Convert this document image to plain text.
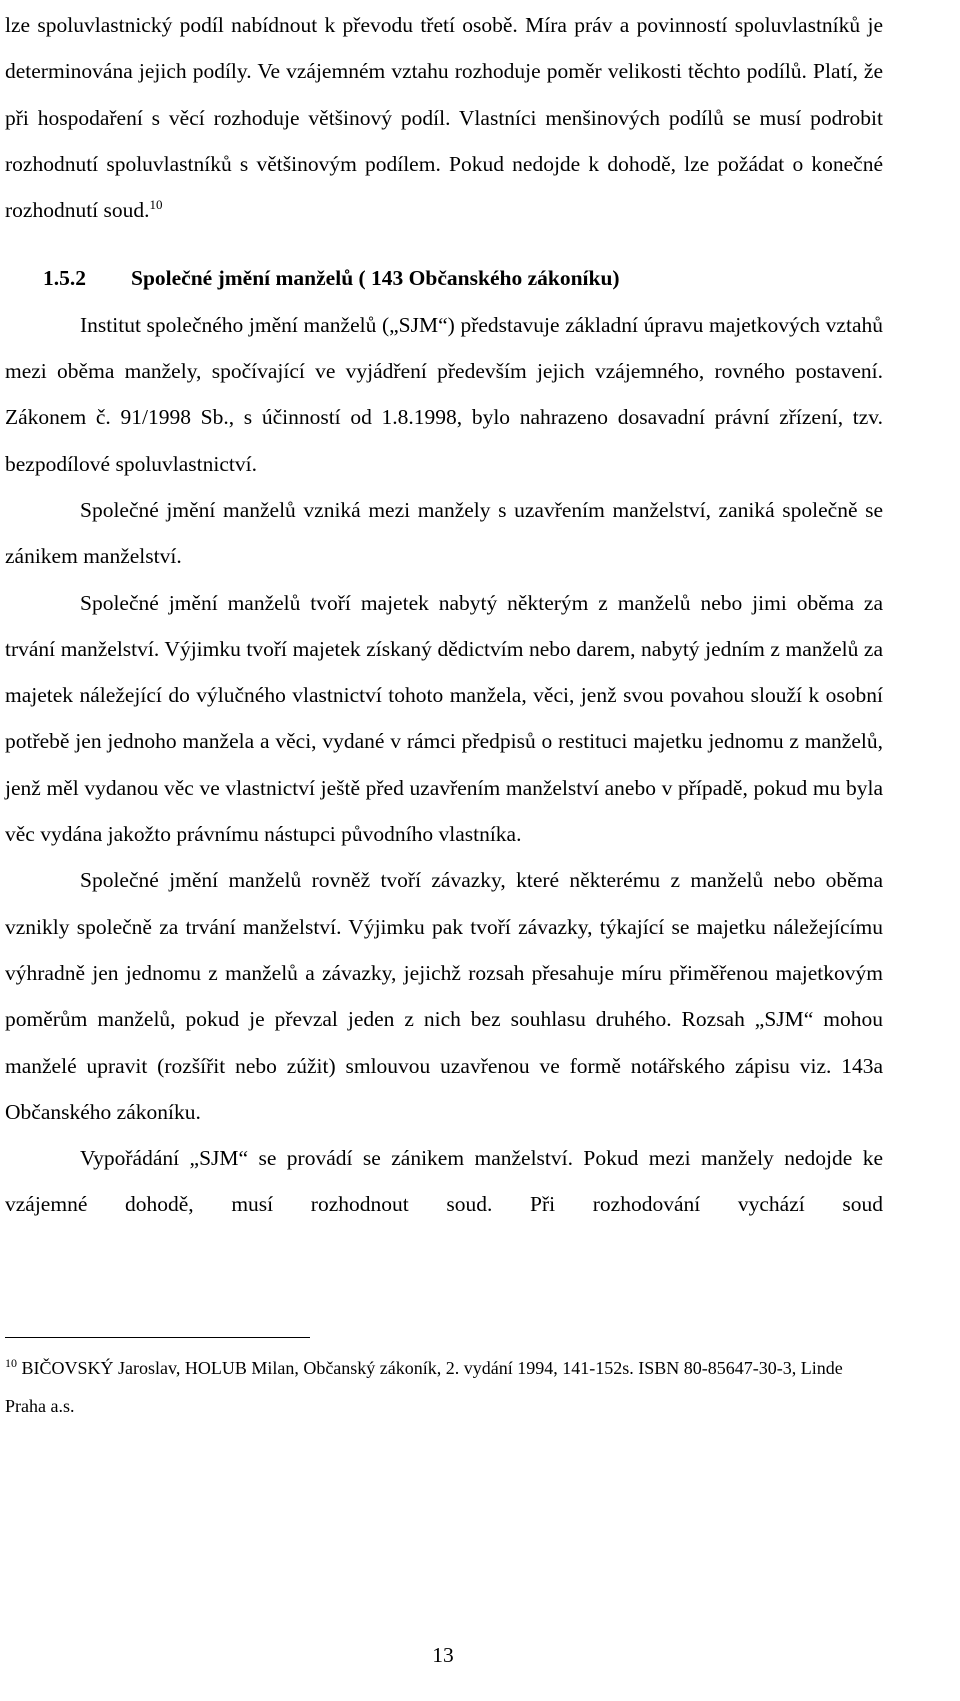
lze spoluvlastnický podíl nabídnout k převodu třetí osobě. Míra práv a povinností spoluvlastníků je determinována jejich podíly. Ve vzájemném vztahu rozhoduje poměr velikosti těchto podílů. Platí, že při hospodaření s věcí rozhoduje většinový podíl. Vlastníci menšinových podílů se musí podrobit rozhodnutí spoluvlastníků s většinovým podílem. Pokud nedojde k dohodě, lze požádat o konečné rozhodnutí soud.$^{10}$

1.5.2 Společné jmění manželů ( 143 Občanského zákoníku)

Institut společného jmění manželů („SJM“) představuje základní úpravu majetkových vztahů mezi oběma manžely, spočívající ve vyjádření především jejich vzájemného, rovného postavení. Zákonem č. 91/1998 Sb., s účinností od 1.8.1998, bylo nahrazeno dosavadní právní zřízení, tzv. bezpodílové spoluvlastnictví.

Společné jmění manželů vzniká mezi manžely s uzavřením manželství, zaniká společně se zánikem manželství.

Společné jmění manželů tvoří majetek nabytý některým z manželů nebo jimi oběma za trvání manželství. Výjimku tvoří majetek získaný dědictvím nebo darem, nabytý jedním z manželů za majetek náležející do výlučného vlastnictví tohoto manžela, věci, jenž svou povahou slouží k osobní potřebě jen jednoho manžela a věci, vydané v rámci předpisů o restituci majetku jednomu z manželů, jenž měl vydanou věc ve vlastnictví ještě před uzavřením manželství anebo v případě, pokud mu byla věc vydána jakožto právnímu nástupci původního vlastníka.

Společné jmění manželů rovněž tvoří závazky, které některému z manželů nebo oběma vznikly společně za trvání manželství. Výjimku pak tvoří závazky, týkající se majetku náležejícímu výhradně jen jednomu z manželů a závazky, jejichž rozsah přesahuje míru přiměřenou majetkovým poměrům manželů, pokud je převzal jeden z nich bez souhlasu druhého. Rozsah „SJM“ mohou manželé upravit (rozšířit nebo zúžit) smlouvou uzavřenou ve formě notářského zápisu viz. 143a Občanského zákoníku.

Vypořádání „SJM“ se provádí se zánikem manželství. Pokud mezi manžely nedojde ke vzájemné dohodě, musí rozhodnout soud. Při rozhodování vychází soud

$^{10}$ BIČOVSKÝ Jaroslav, HOLUB Milan, Občanský zákoník, 2. vydání 1994, 141-152s. ISBN 80-85647-30-3, Linde Praha a.s.

13
